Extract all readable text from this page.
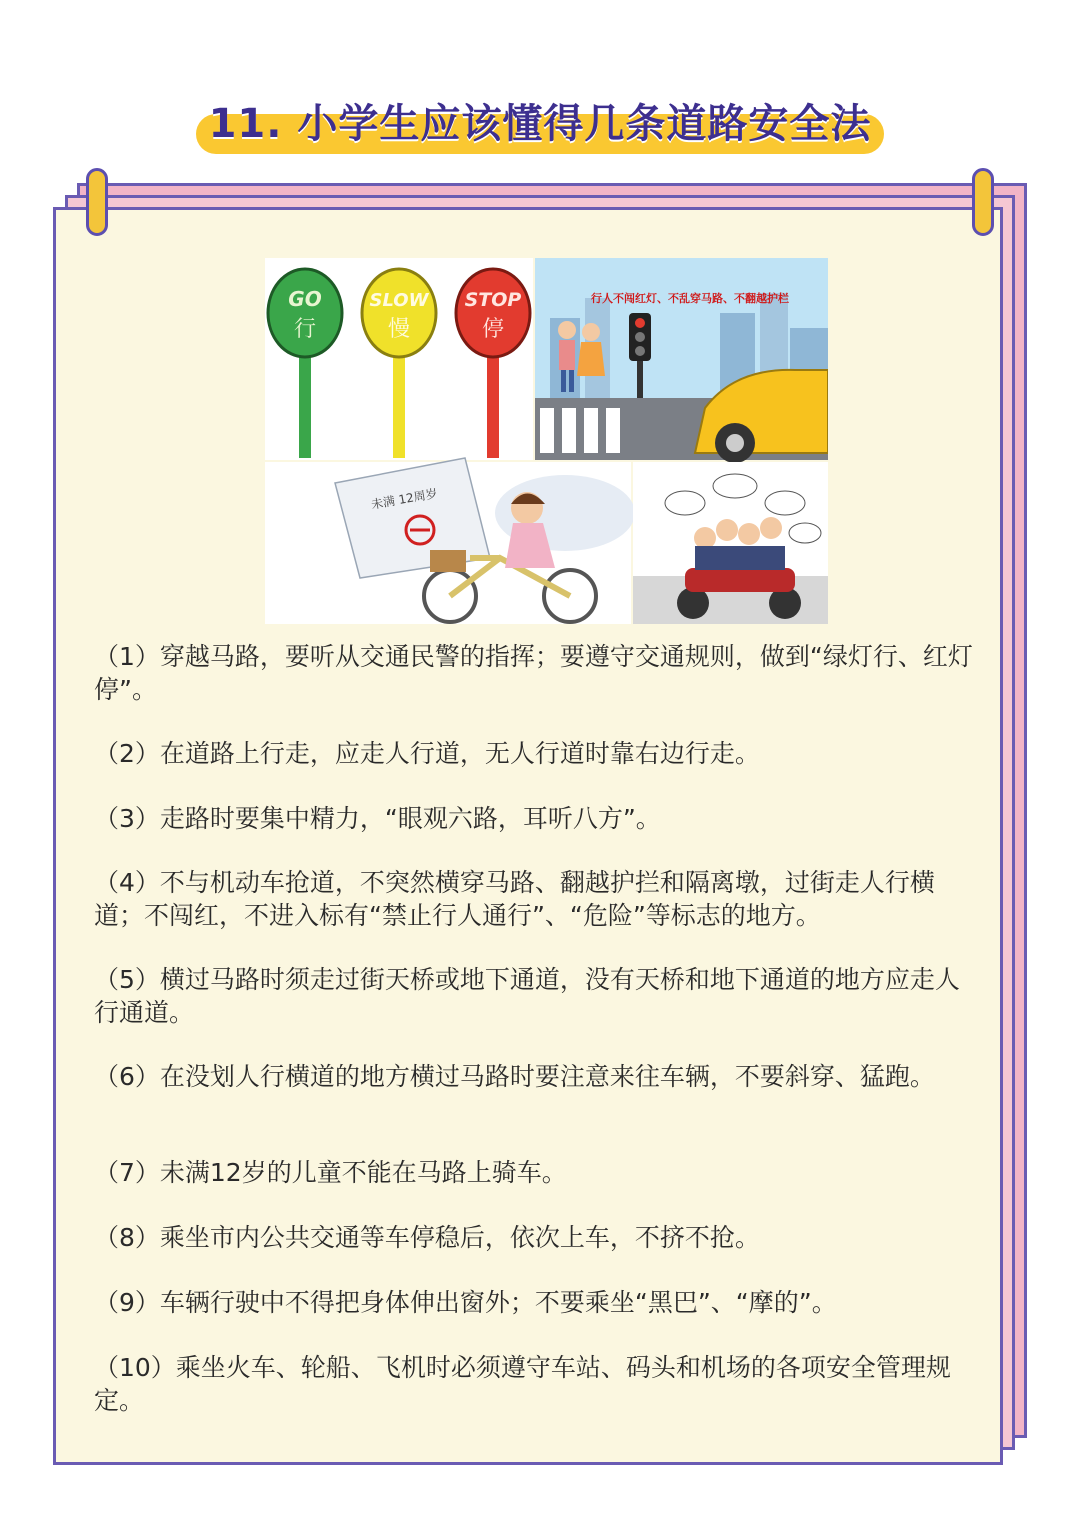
11. 小学生应该懂得几条道路安全法
GO
行
SLOW
慢
STOP
停
行人不闯红灯、不乱穿马路、不翻越护栏
未满 12周岁

（1）穿越马路，要听从交通民警的指挥；要遵守交通规则，做到“绿灯行、红灯停”。

（2）在道路上行走，应走人行道，无人行道时靠右边行走。

（3）走路时要集中精力，“眼观六路，耳听八方”。

（4）不与机动车抢道，不突然横穿马路、翻越护拦和隔离墩，过街走人行横道；不闯红，不进入标有“禁止行人通行”、“危险”等标志的地方。

（5）横过马路时须走过街天桥或地下通道，没有天桥和地下通道的地方应走人行通道。

（6）在没划人行横道的地方横过马路时要注意来往车辆，不要斜穿、猛跑。

（7）未满12岁的儿童不能在马路上骑车。

（8）乘坐市内公共交通等车停稳后，依次上车，不挤不抢。

（9）车辆行驶中不得把身体伸出窗外；不要乘坐“黑巴”、“摩的”。

（10）乘坐火车、轮船、飞机时必须遵守车站、码头和机场的各项安全管理规定。
